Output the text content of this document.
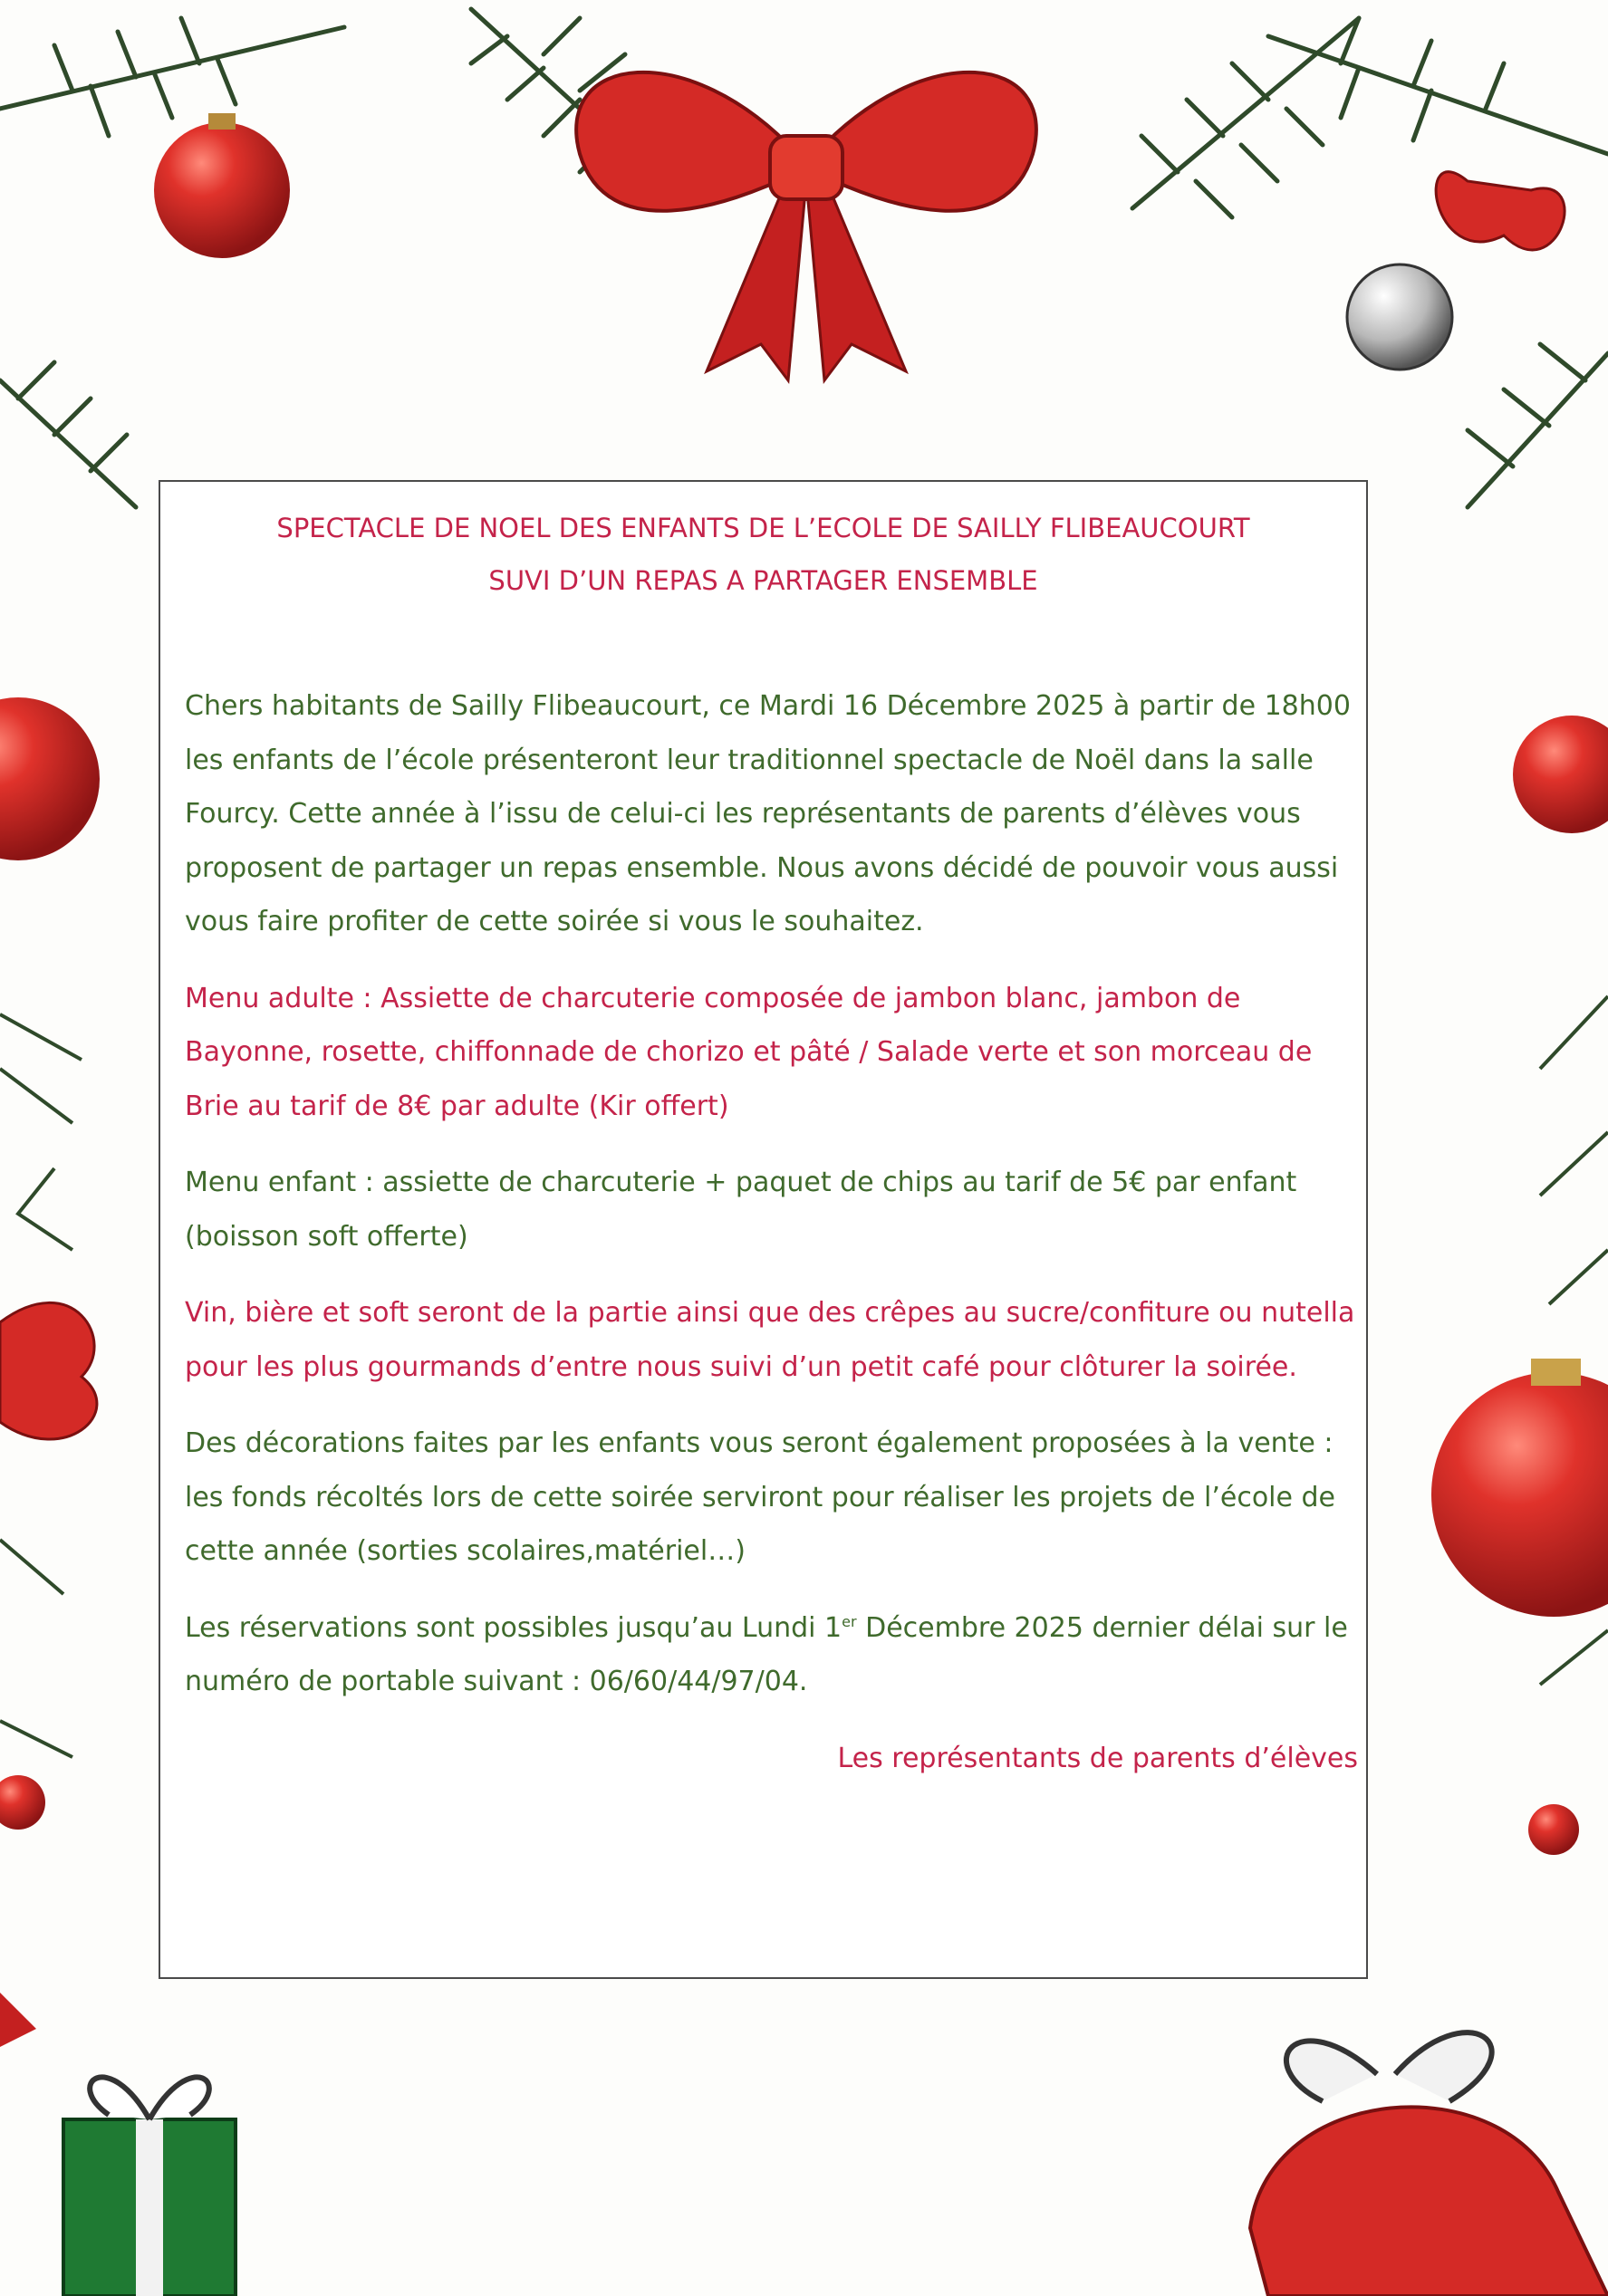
SPECTACLE DE NOEL DES ENFANTS DE L’ECOLE DE SAILLY FLIBEAUCOURT
SUVI D’UN REPAS A PARTAGER ENSEMBLE

Chers habitants de Sailly Flibeaucourt, ce Mardi 16 Décembre 2025 à partir de 18h00 les enfants de l’école présenteront leur traditionnel spectacle de Noël dans la salle Fourcy. Cette année à l’issu de celui-ci les représentants de parents d’élèves vous proposent de partager un repas ensemble. Nous avons décidé de pouvoir vous aussi vous faire profiter de cette soirée si vous le souhaitez.

Menu adulte : Assiette de charcuterie composée de jambon blanc, jambon de Bayonne, rosette, chiffonnade de chorizo et pâté / Salade verte et son morceau de Brie au tarif de 8€ par adulte (Kir offert)

Menu enfant : assiette de charcuterie + paquet de chips au tarif de 5€ par enfant (boisson soft offerte)

Vin, bière et soft seront de la partie ainsi que des crêpes au sucre/confiture ou nutella pour les plus gourmands d’entre nous suivi d’un petit café pour clôturer la soirée.

Des décorations faites par les enfants vous seront également proposées à la vente : les fonds récoltés lors de cette soirée serviront pour réaliser les projets de l’école de cette année (sorties scolaires,matériel…)

Les réservations sont possibles jusqu’au Lundi 1er Décembre 2025 dernier délai sur le numéro de portable suivant : 06/60/44/97/04.

Les représentants de parents d’élèves
